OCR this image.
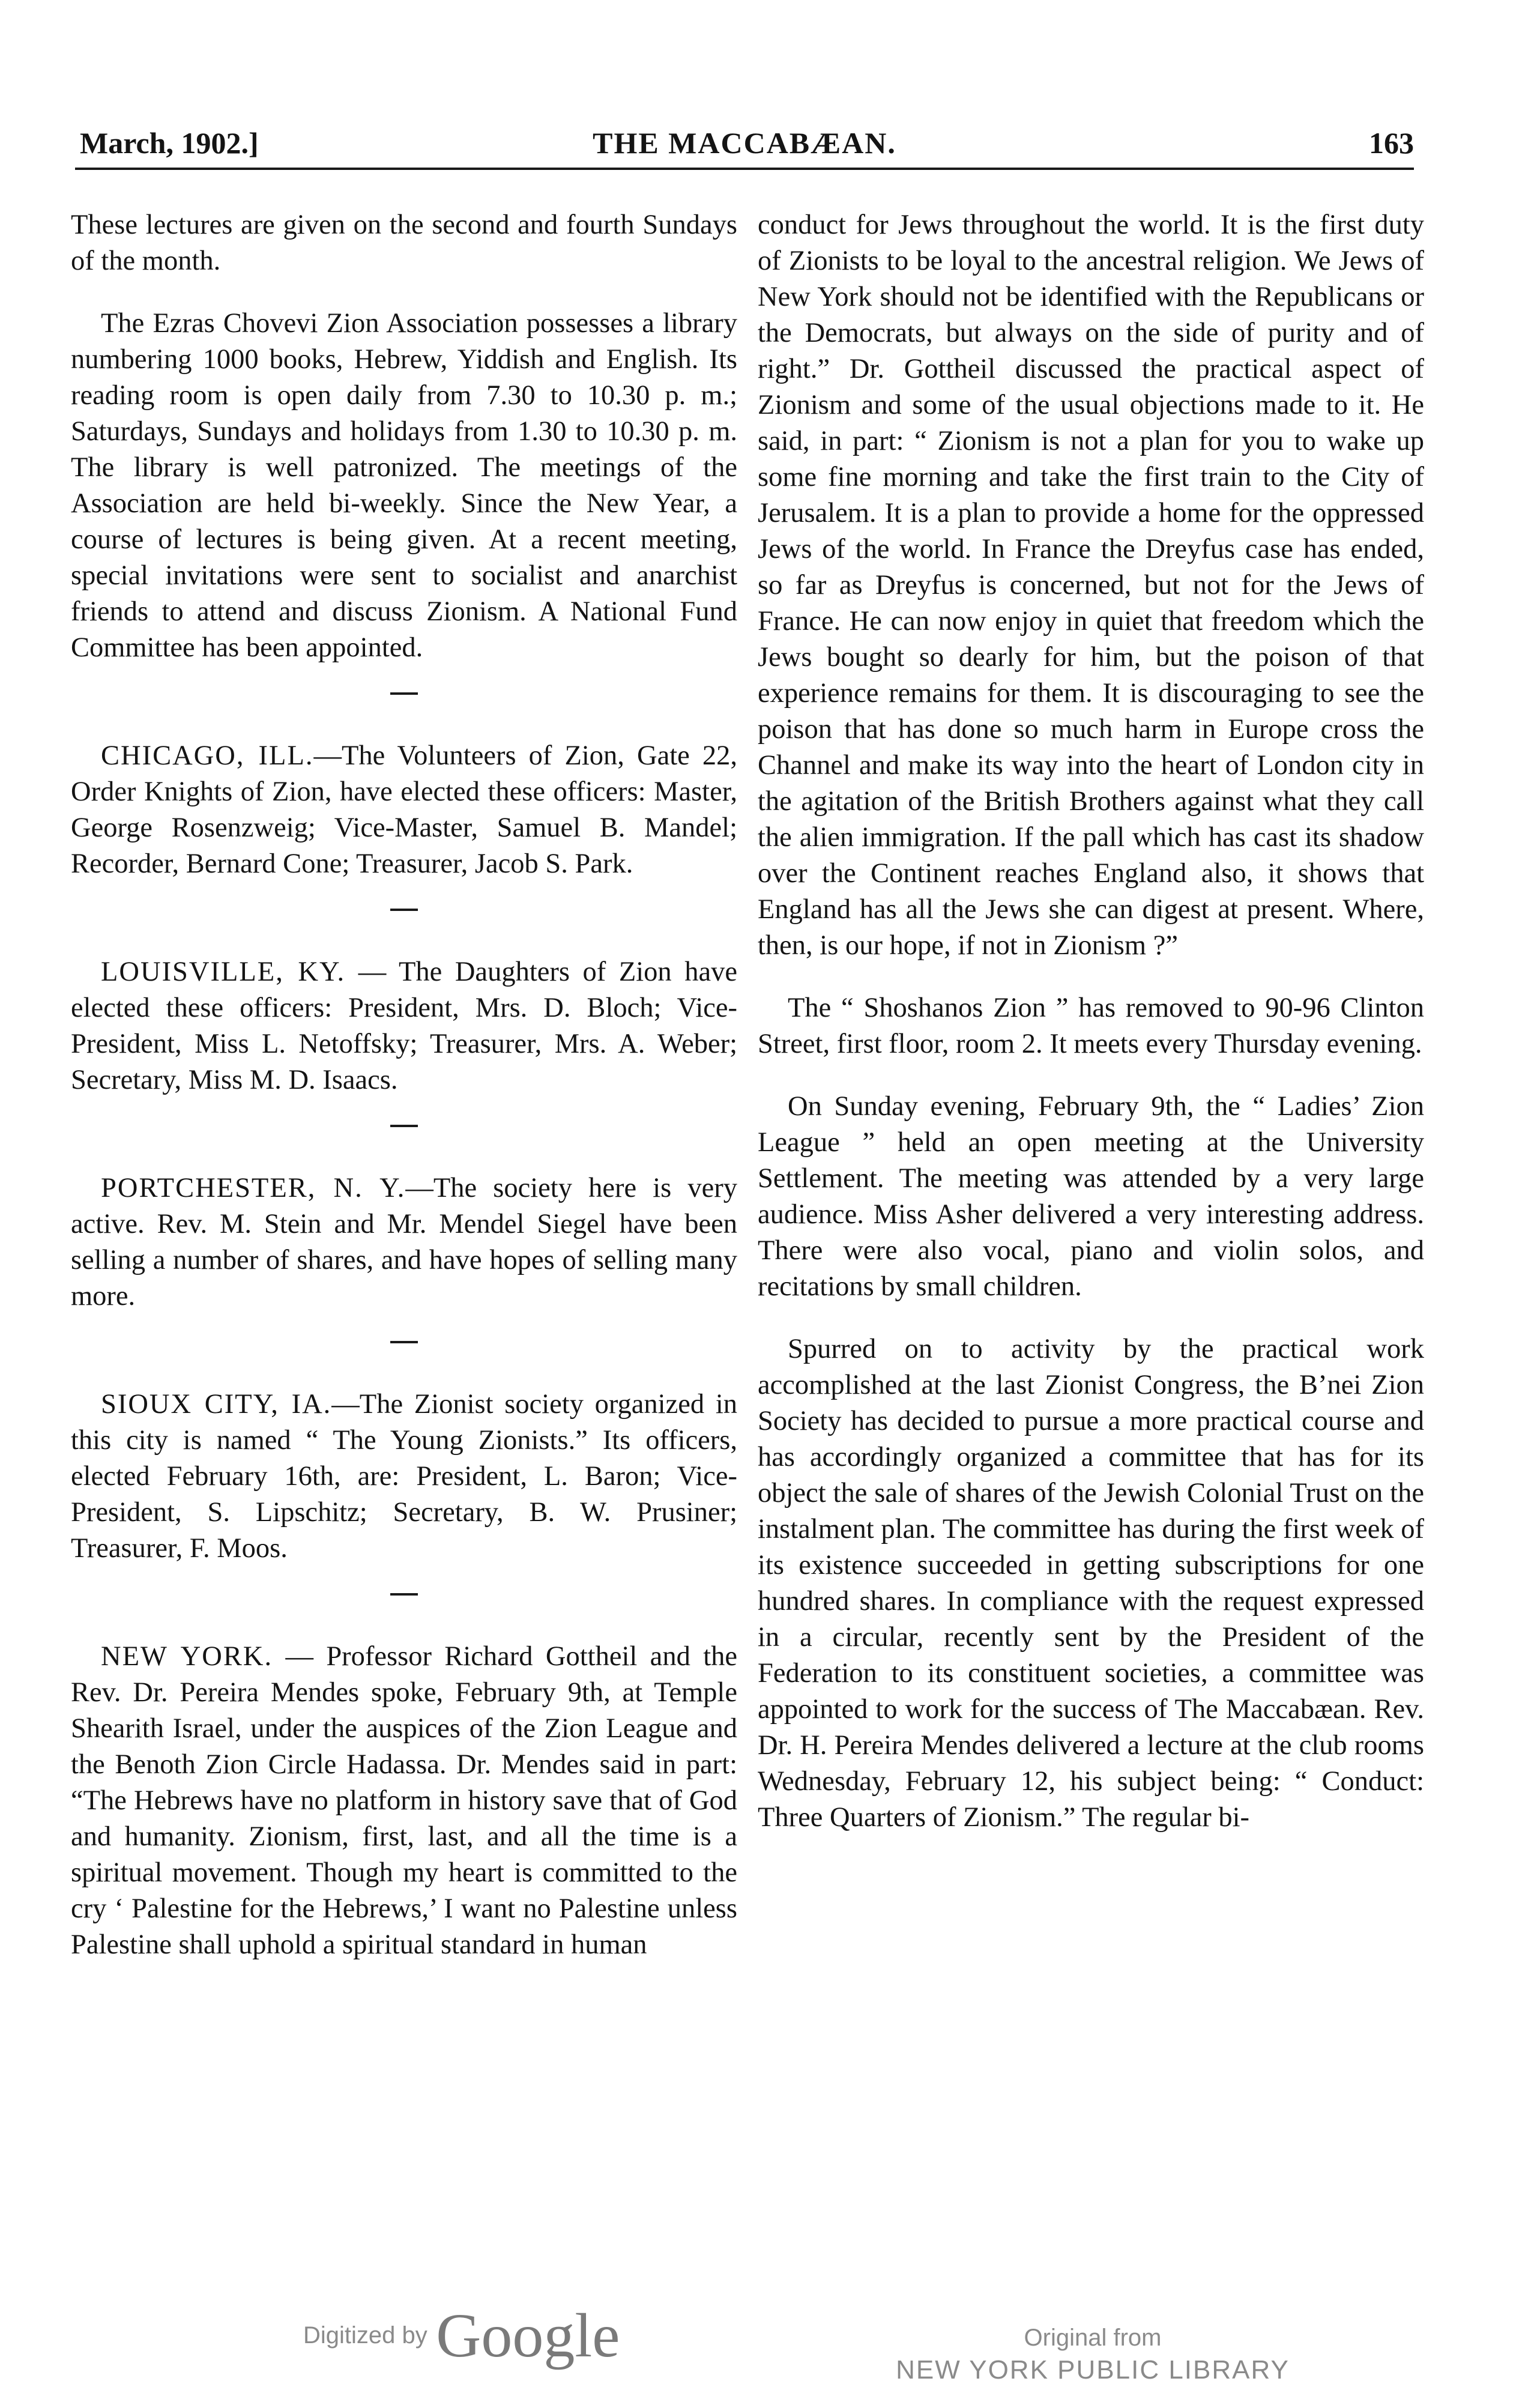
March, 1902.]	THE MACCABÆAN.	163

These lectures are given on the second and fourth Sundays of the month.

The Ezras Chovevi Zion Association possesses a library numbering 1000 books, Hebrew, Yiddish and English. Its reading room is open daily from 7.30 to 10.30 p. m.; Saturdays, Sundays and holidays from 1.30 to 10.30 p. m. The library is well patronized. The meetings of the Association are held bi-weekly. Since the New Year, a course of lectures is being given. At a recent meeting, special invitations were sent to socialist and anarchist friends to attend and discuss Zionism. A National Fund Committee has been appointed.

CHICAGO, ILL.—The Volunteers of Zion, Gate 22, Order Knights of Zion, have elected these officers: Master, George Rosenzweig; Vice-Master, Samuel B. Mandel; Recorder, Bernard Cone; Treasurer, Jacob S. Park.

LOUISVILLE, KY. — The Daughters of Zion have elected these officers: President, Mrs. D. Bloch; Vice-President, Miss L. Netoffsky; Treasurer, Mrs. A. Weber; Secretary, Miss M. D. Isaacs.

PORTCHESTER, N. Y.—The society here is very active. Rev. M. Stein and Mr. Mendel Siegel have been selling a number of shares, and have hopes of selling many more.

SIOUX CITY, IA.—The Zionist society organized in this city is named “ The Young Zionists.” Its officers, elected February 16th, are: President, L. Baron; Vice-President, S. Lipschitz; Secretary, B. W. Prusiner; Treasurer, F. Moos.

NEW YORK. — Professor Richard Gottheil and the Rev. Dr. Pereira Mendes spoke, February 9th, at Temple Shearith Israel, under the auspices of the Zion League and the Benoth Zion Circle Hadassa. Dr. Mendes said in part: “The Hebrews have no platform in history save that of God and humanity. Zionism, first, last, and all the time is a spiritual movement. Though my heart is committed to the cry ‘ Palestine for the Hebrews,’ I want no Palestine unless Palestine shall uphold a spiritual standard in human

conduct for Jews throughout the world. It is the first duty of Zionists to be loyal to the ancestral religion. We Jews of New York should not be identified with the Republicans or the Democrats, but always on the side of purity and of right.” Dr. Gottheil discussed the practical aspect of Zionism and some of the usual objections made to it. He said, in part: “ Zionism is not a plan for you to wake up some fine morning and take the first train to the City of Jerusalem. It is a plan to provide a home for the oppressed Jews of the world. In France the Dreyfus case has ended, so far as Dreyfus is concerned, but not for the Jews of France. He can now enjoy in quiet that freedom which the Jews bought so dearly for him, but the poison of that experience remains for them. It is discouraging to see the poison that has done so much harm in Europe cross the Channel and make its way into the heart of London city in the agitation of the British Brothers against what they call the alien immigration. If the pall which has cast its shadow over the Continent reaches England also, it shows that England has all the Jews she can digest at present. Where, then, is our hope, if not in Zionism ?”

The “ Shoshanos Zion ” has removed to 90-96 Clinton Street, first floor, room 2. It meets every Thursday evening.

On Sunday evening, February 9th, the “ Ladies’ Zion League ” held an open meeting at the University Settlement. The meeting was attended by a very large audience. Miss Asher delivered a very interesting address. There were also vocal, piano and violin solos, and recitations by small children.

Spurred on to activity by the practical work accomplished at the last Zionist Congress, the B’nei Zion Society has decided to pursue a more practical course and has accordingly organized a committee that has for its object the sale of shares of the Jewish Colonial Trust on the instalment plan. The committee has during the first week of its existence succeeded in getting subscriptions for one hundred shares. In compliance with the request expressed in a circular, recently sent by the President of the Federation to its constituent societies, a committee was appointed to work for the success of The Maccabæan. Rev. Dr. H. Pereira Mendes delivered a lecture at the club rooms Wednesday, February 12, his subject being: “ Conduct: Three Quarters of Zionism.” The regular bi-

Digitized by Google	Original from
NEW YORK PUBLIC LIBRARY
